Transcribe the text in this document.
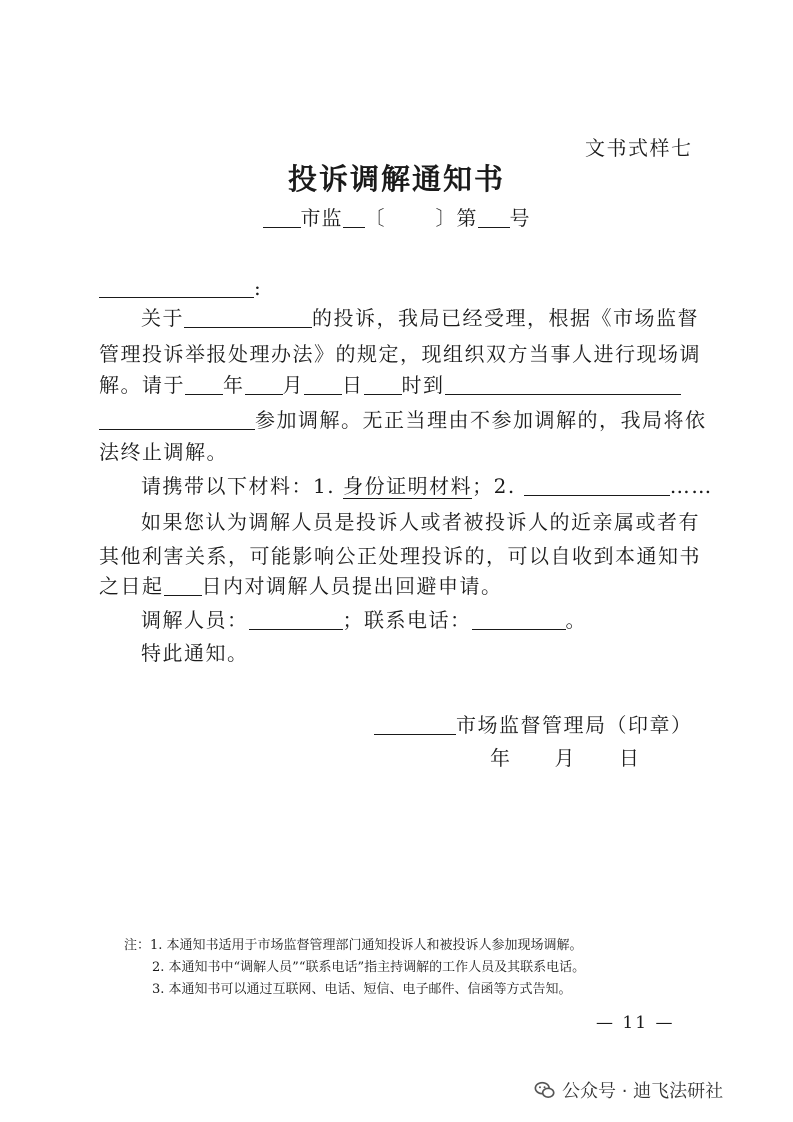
文书式样七
投诉调解通知书
市监 〔	〕第 号
:
关于	的投诉，我局已经受理，根据《市场监督
管理投诉举报处理办法》的规定，现组织双方当事人进行现场调
解。请于 年 月 日 时到
参加调解。无正当理由不参加调解的，我局将依
法终止调解。
请携带以下材料：1. 身份证明材料；2.	……
如果您认为调解人员是投诉人或者被投诉人的近亲属或者有
其他利害关系，可能影响公正处理投诉的，可以自收到本通知书
之日起 日内对调解人员提出回避申请。
调解人员：	；联系电话：	。
特此通知。
市场监督管理局（印章）
年　　月　　日
注：1. 本通知书适用于市场监督管理部门通知投诉人和被投诉人参加现场调解。
2. 本通知书中“调解人员”“联系电话”指主持调解的工作人员及其联系电话。
3. 本通知书可以通过互联网、电话、短信、电子邮件、信函等方式告知。
— 11 —
公众号 · 迪飞法研社
